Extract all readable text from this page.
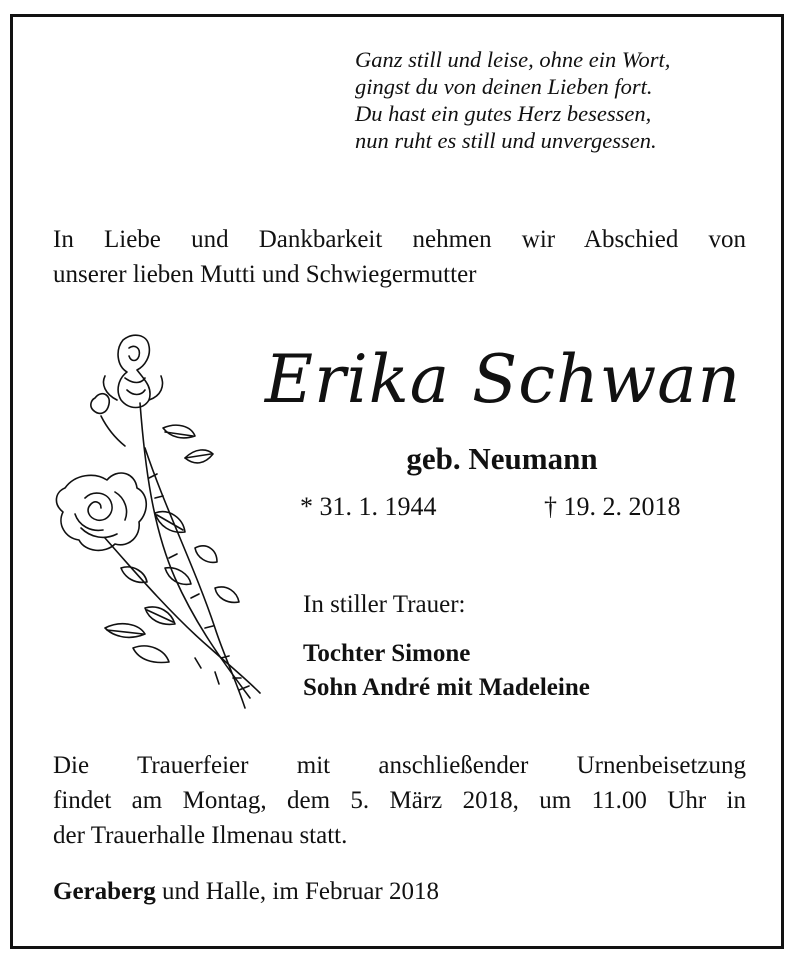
Ganz still und leise, ohne ein Wort,
gingst du von deinen Lieben fort.
Du hast ein gutes Herz besessen,
nun ruht es still und unvergessen.
In Liebe und Dankbarkeit nehmen wir Abschied von
unserer lieben Mutti und Schwiegermutter
Erika Schwan
geb. Neumann
* 31. 1. 1944	† 19. 2. 2018
In stiller Trauer:
Tochter Simone
Sohn André mit Madeleine
Die Trauerfeier mit anschließender Urnenbeisetzung
findet am Montag, dem 5. März 2018, um 11.00 Uhr in
der Trauerhalle Ilmenau statt.
Geraberg und Halle, im Februar 2018
